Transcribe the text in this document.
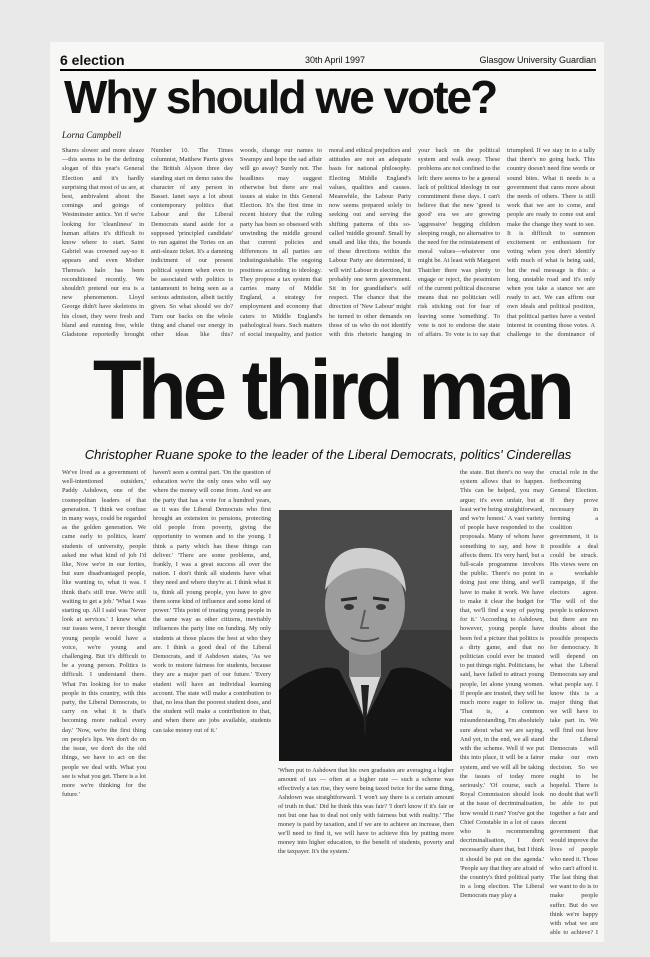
6 election	30th April 1997	Glasgow University Guardian
Why should we vote?
Lorna Campbell
Shares slower and more sleaze—this seems to be the defining slogan of this year's General Election and it's hardly surprising that most of us are, at best, ambivalent about the comings and goings of Westminster antics. Yet if we're looking for 'cleanliness' in human affairs it's difficult to know where to start. Saint Gabriel was crowned say-so it appears and even Mother Theresa's halo has been reconditioned recently. We shouldn't pretend our era is a new phenomenon. Lloyd George didn't have skeletons in his closet, they were fresh and bland and running free, while Gladstone reportedly brought
Number 10. The Times columnist, Matthew Parris gives the British Alyson three day standing start on demo rates the character of any person in Basset. Ianet says a lot about contemporary politics that Labour and the Liberal Democrats stand aside for a supposed 'principled candidate' to run against the Tories on an anti-sleaze ticket. It's a damning indictment of our present political system when even to be associated with politics is tantamount to being seen as a serious admission, albeit tacitly given. So what should we do? Turn our backs on the whole thing and chanel our energy in other ideas like this?
woods, change our names to Swampy and hope the sad affair will go away? Surely not. The headlines may suggest otherwise but there are real issues at stake in this General Election. It's the first time in recent history that the ruling party has been so obsessed with unwinding the middle ground that current policies and differences in all parties are indistinguishable. The ongoing positions according to ideology. They propose a tax system that carries many of Middle England, a strategy for employment and economy that caters to Middle England's pathological fears. Such matters of social inequality, and justice
moral and ethical prejudices and attitudes are not an adequate basis for national philosophy. Electing Middle England's values, qualities and causes. Meanwhile, the Labour Party now seems prepared solely to seeking out and serving the shifting patterns of this so-called 'middle ground'. Small by small and like this, the bounds of these directions within the Labour Party are determined, it will win! Labour in election, but probably one term government. Sit in for grandfather's self respect. The chance that the direction of 'New Labour' might be turned to other demands on those of us who do not identify with this rhetoric hanging in
your back on the political system and walk away. These problems are not confined to the left: there seems to be a general lack of political ideology in our commitment these days. I can't believe that the new 'greed is good' era we are growing 'aggressive' begging children sleeping rough, no alternative to the need for the reinstatement of moral values—whatever one might be. At least with Margaret Thatcher there was plenty to engage or reject, the pessimism of the current political discourse means that no politician will risk sticking out for fear of leaving some 'something'. To vote is not to endorse the state of affairs. To vote is to say that
triumphed. If we stay in to a tally that there's no going back. This country doesn't need fine words or sound bites. What it needs is a government that cares more about the needs of others. There is still work that we are to come, and people are ready to come out and make the change they want to see. It is difficult to summon excitement or enthusiasm for voting when you don't identify with much of what is being said, but the real message is this: a long, unstable road and it's only when you take a stance we are ready to act. We can affirm our own ideals and political position, that political parties have a vested interest in counting those votes. A challenge to the dominance of
The third man
Christopher Ruane spoke to the leader of the Liberal Democrats, politics' Cinderellas
We've lived as a government of well-intentioned outsiders,' Paddy Ashdown, one of the cosmopolitan leaders of that generation. 'I think we confuse in many ways, could be regarded as the golden generation. We came early to politics, learn' students of university, people asked me what kind of job I'd like, Now we're in our forties, but sure disadvantaged people, like wanting to, what it was. I think that's still true. We're still waiting to get a job.' 'What I was starting up. All I said was 'Never look at services.' I knew what our issues were, I never thought young people would have a voice, we're young and challenging. But it's difficult to be a young person. Politics is difficult. I understand there. What I'm looking for to make people in this country, with this party, the Liberal Democrats, to carry on what it is that's becoming more radical every day.' 'Now, we're the first thing on people's lips. We don't do on the issue, we don't do the old things, we have to act on the people we deal with. What you see is what you get. There is a lot more we're thinking for the future.'
haven't seen a central part. 'On the question of education we're the only ones who will say where the money will come from. And we are the party that has a vote for a hundred years, as it was the Liberal Democrats who first brought an extension to pensions, protecting old people from poverty, giving the opportunity to women and to the young. I think a party which has these things can deliver.' 'There are some problems, and, frankly, I was a great success all over the nation. I don't think all students have what they need and where they're at. I think what it is, think all young people, you have to give them some kind of influence and some kind of power.' 'This point of treating young people in the same way as other citizens, inevitably influences the party line on funding. My only students at those places the best at who they are. I think a good deal of the Liberal Democrats, and if Ashdown states, 'As we work to restore fairness for students, because they are a major part of our future.' 'Every student will have an individual learning account. The state will make a contribution to that, no less than the poorest student does, and the student will make a contribution to that, and when there are jobs available, students can take money out of it.'
'When put to Ashdown that his own graduates are averaging a higher amount of tax — often at a higher rate — such a scheme was effectively a tax rise, they were being taxed twice for the same thing, Ashdown was straightforward. 'I won't say there is a certain amount of truth in that.' Did he think this was fair? 'I don't know if it's fair or not but one has to deal not only with fairness but with reality.' 'The money is paid by taxation, and if we are to achieve an increase, then we'll need to find it, we will have to achieve this by putting more money into higher education, to the benefit of students, poverty and the taxpayer. It's the system.'
the state. But there's no way the system allows that to happen. This can be helped, you may argue; it's even unfair, but at least we're being straightforward, and we're honest.' A vast variety of people have responded to the proposals. Many of whom have something to say, and how it affects them. It's very hard, but a full-scale programme involves the public. There's no point in doing just one thing, and we'll have to make it work. We have to make it clear the budget for that, we'll find a way of paying for it.' 'According to Ashdown, however, young people have been fed a picture that politics is a dirty game, and that no politician could ever be trusted to put things right. Politicians, he said, have failed to attract young people, let alone young women. If people are trusted, they will be much more eager to follow us. 'That is, a common misunderstanding, I'm absolutely sure about what we are saying. And yet, in the end, we all stand with the scheme. Well if we put this into place, it will be a fairer system, and we will all be taking the issues of today more seriously.' 'Of course, such a Royal Commission should look at the issue of decriminalisation, how would it run? You've got the Chief Constable in a lot of cases who is recommending decriminalisation, I don't necessarily share that, but I think it should be put on the agenda.' 'People say that they are afraid of the country's third political party in a long election. The Liberal Democrats may play a
crucial role in the forthcoming General Election. If they prove necessary in forming a coalition government, it is possible a deal could be struck. His views were on a workable campaign, if the electors agree. 'The will of the people is unknown but there are no doubts about the possible prospects for democracy. It will depend on what the Liberal Democrats say and what people say. I know this is a major thing that we will have to take part in. We will find out how the Liberal Democrats will make our own decision. So we ought to be hopeful. There is no doubt that we'll be able to put together a fair and decent government that would improve the lives of people who need it. Those who can't afford it. The last thing that we want to do is to make people suffer. But do we think we're happy with what we are able to achieve? I
